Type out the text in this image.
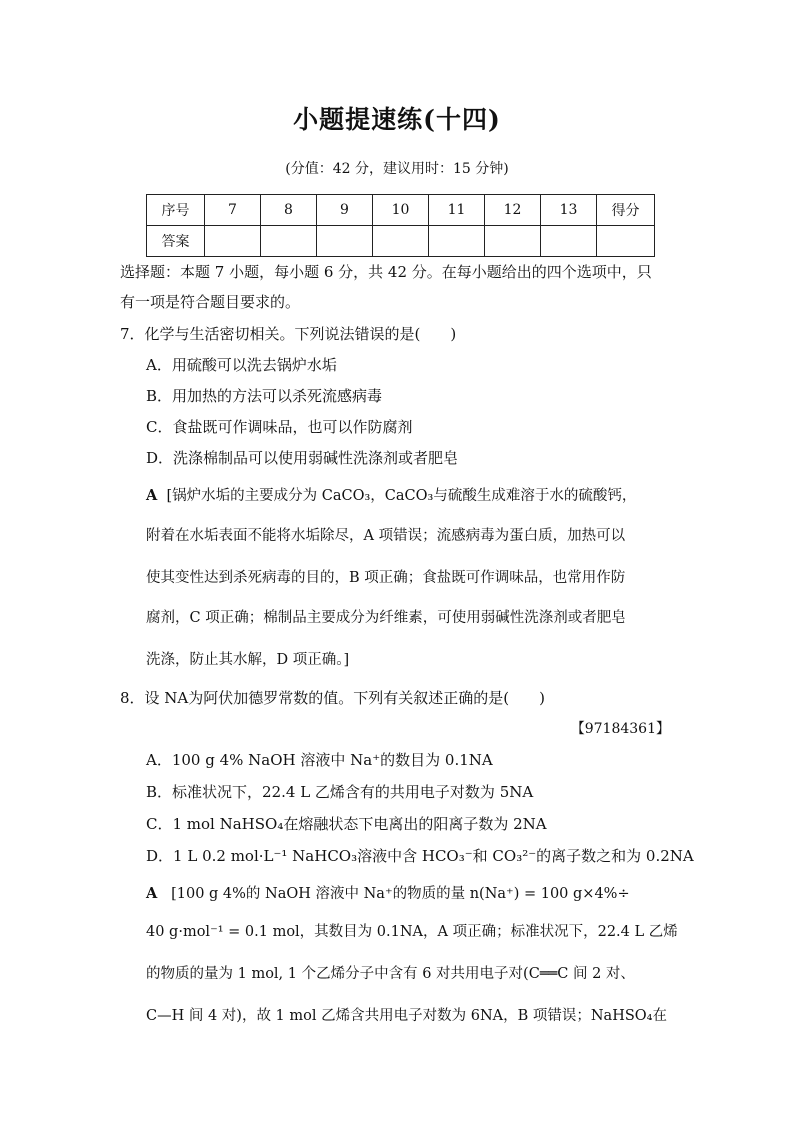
小题提速练(十四)
(分值：42 分，建议用时：15 分钟)
序号	7	8	9	10	11	12	13	得分
答案								
选择题：本题 7 小题，每小题 6 分，共 42 分。在每小题给出的四个选项中，只
有一项是符合题目要求的。
7．化学与生活密切相关。下列说法错误的是(　　)
A．用硫酸可以洗去锅炉水垢
B．用加热的方法可以杀死流感病毒
C．食盐既可作调味品，也可以作防腐剂
D．洗涤棉制品可以使用弱碱性洗涤剂或者肥皂
A [锅炉水垢的主要成分为 CaCO₃，CaCO₃与硫酸生成难溶于水的硫酸钙，
附着在水垢表面不能将水垢除尽，A 项错误；流感病毒为蛋白质，加热可以
使其变性达到杀死病毒的目的，B 项正确；食盐既可作调味品，也常用作防
腐剂，C 项正确；棉制品主要成分为纤维素，可使用弱碱性洗涤剂或者肥皂
洗涤，防止其水解，D 项正确。]
8．设 NA为阿伏加德罗常数的值。下列有关叙述正确的是(　　)
【97184361】
A．100 g 4% NaOH 溶液中 Na⁺的数目为 0.1NA
B．标准状况下，22.4 L 乙烯含有的共用电子对数为 5NA
C．1 mol NaHSO₄在熔融状态下电离出的阳离子数为 2NA
D．1 L 0.2 mol·L⁻¹ NaHCO₃溶液中含 HCO₃⁻和 CO₃²⁻的离子数之和为 0.2NA
A [100 g 4%的 NaOH 溶液中 Na⁺的物质的量 n(Na⁺) = 100 g×4%÷
40 g·mol⁻¹ = 0.1 mol，其数目为 0.1NA，A 项正确；标准状况下，22.4 L 乙烯
的物质的量为 1 mol, 1 个乙烯分子中含有 6 对共用电子对(C══C 间 2 对、
C—H 间 4 对)，故 1 mol 乙烯含共用电子对数为 6NA，B 项错误；NaHSO₄在
